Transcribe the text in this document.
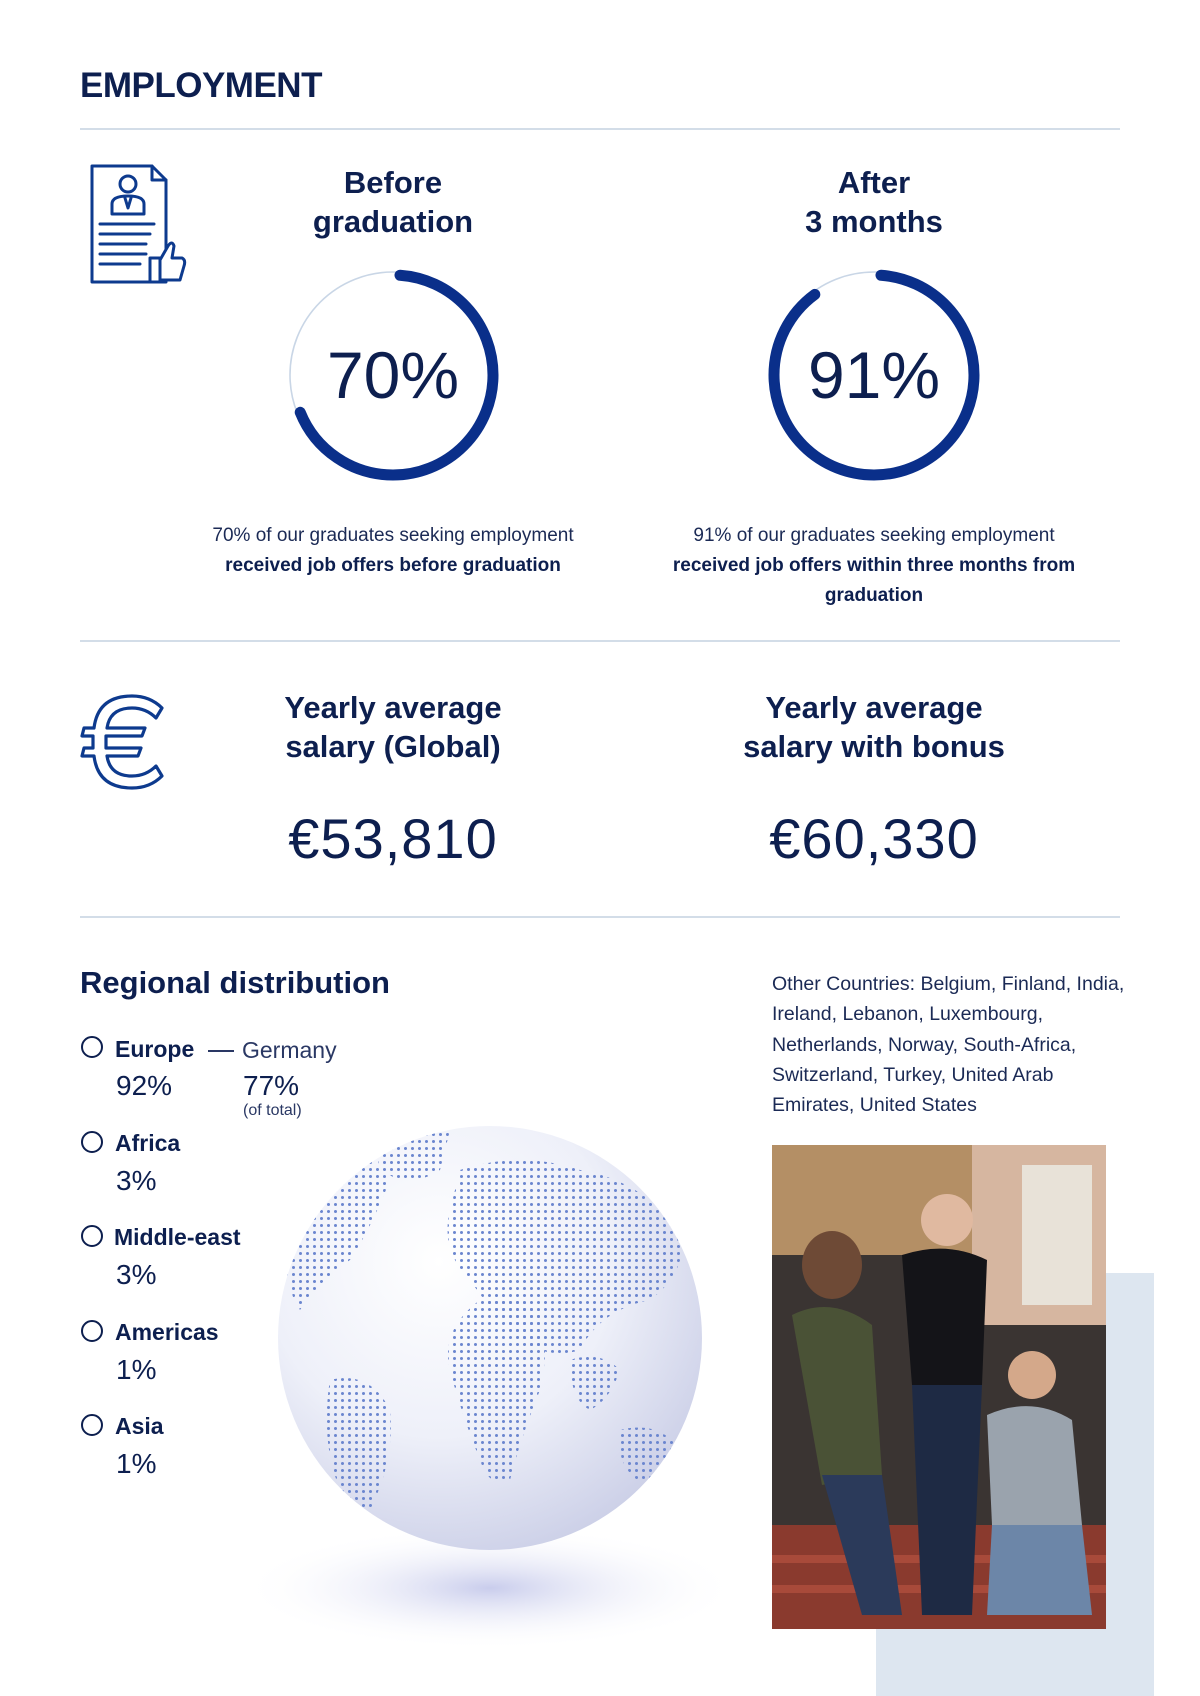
EMPLOYMENT
Before
graduation
70%
70% of our graduates seeking employment
received job offers before graduation
After
3 months
91%
91% of our graduates seeking employment
received job offers within three months from graduation
Yearly average
salary (Global)
€53,810
Yearly average
salary with bonus
€60,330
Regional distribution
Europe
92%
Germany
77%
(of total)
Africa
3%
Middle-east
3%
Americas
1%
Asia
1%
Other Countries: Belgium, Finland, India, Ireland, Lebanon, Luxembourg, Netherlands, Norway, South-Africa, Switzerland, Turkey, United Arab Emirates, United States
